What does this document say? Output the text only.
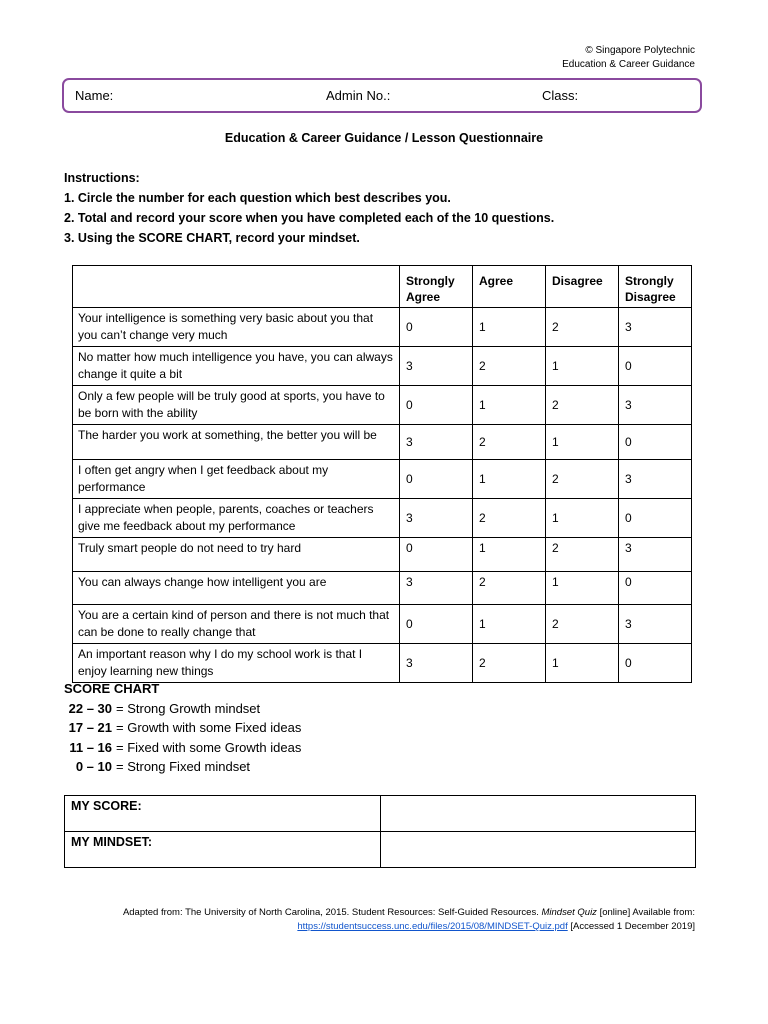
© Singapore Polytechnic
Education & Career Guidance
Name:	Admin No.:	Class:
Education & Career Guidance / Lesson Questionnaire
Instructions:
1. Circle the number for each question which best describes you.
2. Total and record your score when you have completed each of the 10 questions.
3. Using the SCORE CHART, record your mindset.
	Strongly Agree	Agree	Disagree	Strongly Disagree
Your intelligence is something very basic about you that you can’t change very much	0	1	2	3
No matter how much intelligence you have, you can always change it quite a bit	3	2	1	0
Only a few people will be truly good at sports, you have to be born with the ability	0	1	2	3
The harder you work at something, the better you will be	3	2	1	0
I often get angry when I get feedback about my performance	0	1	2	3
I appreciate when people, parents, coaches or teachers give me feedback about my performance	3	2	1	0
Truly smart people do not need to try hard	0	1	2	3
You can always change how intelligent you are	3	2	1	0
You are a certain kind of person and there is not much that can be done to really change that	0	1	2	3
An important reason why I do my school work is that I enjoy learning new things	3	2	1	0
SCORE CHART
22 – 30 = Strong Growth mindset
17 – 21 = Growth with some Fixed ideas
11 – 16 = Fixed with some Growth ideas
0 – 10 = Strong Fixed mindset
MY SCORE:	
MY MINDSET:	
Adapted from: The University of North Carolina, 2015. Student Resources: Self-Guided Resources. Mindset Quiz [online] Available from:
https://studentsuccess.unc.edu/files/2015/08/MINDSET-Quiz.pdf [Accessed 1 December 2019]
